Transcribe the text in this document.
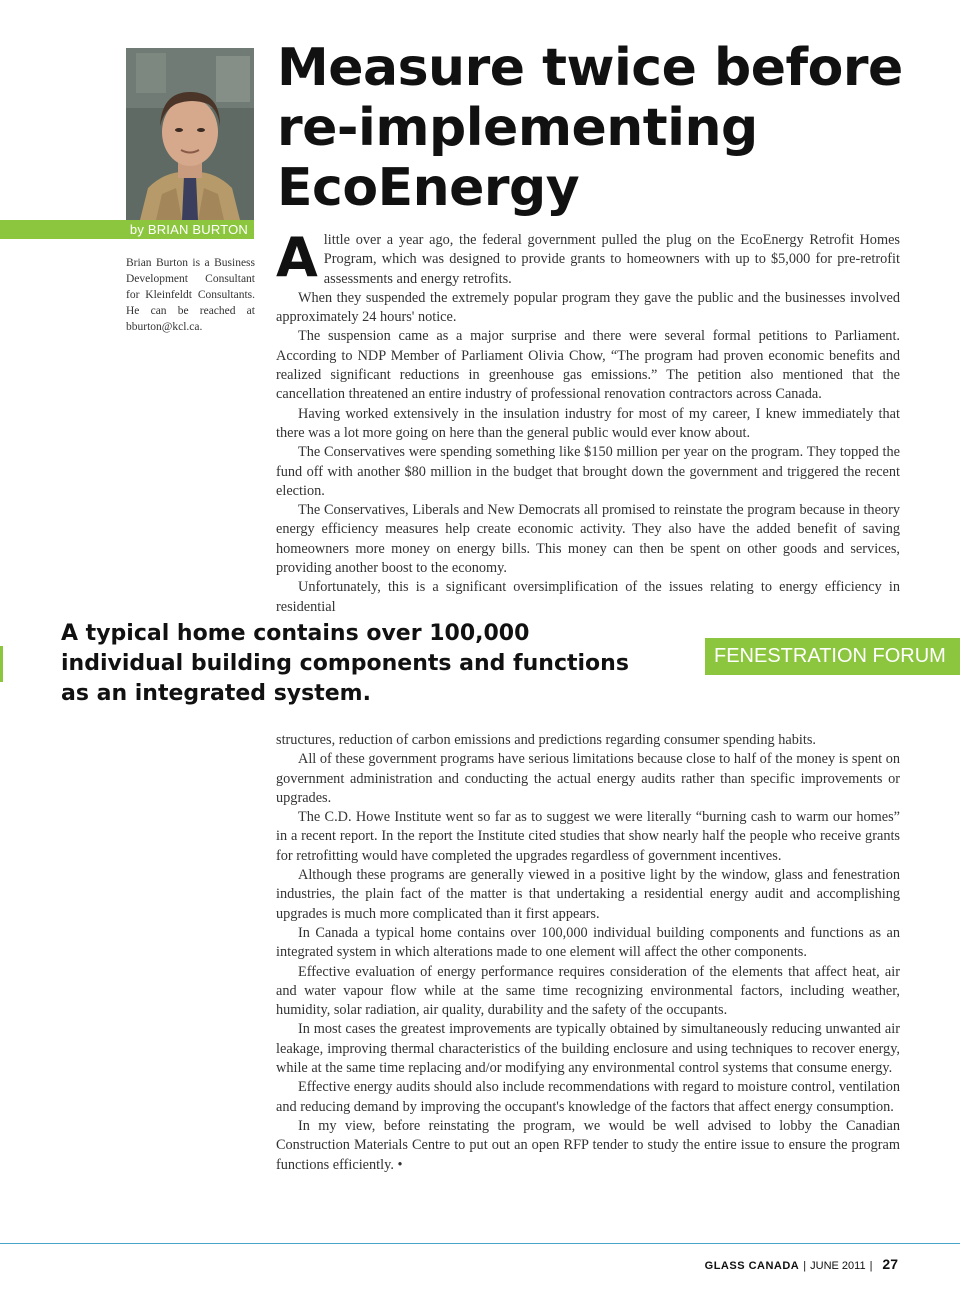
by BRIAN BURTON
Brian Burton is a Business Development Consultant for Kleinfeldt Consultants. He can be reached at bburton@kcl.ca.
Measure twice before
re-implementing
EcoEnergy

Alittle over a year ago, the federal government pulled the plug on the EcoEnergy Retrofit Homes Program, which was designed to provide grants to homeowners with up to $5,000 for pre-retrofit assessments and energy retrofits.

When they suspended the extremely popular program they gave the public and the businesses involved approximately 24 hours' notice.

The suspension came as a major surprise and there were several formal petitions to Parliament. According to NDP Member of Parliament Olivia Chow, “The program had proven economic benefits and realized significant reductions in greenhouse gas emissions.” The petition also mentioned that the cancellation threatened an entire industry of professional renovation contractors across Canada.

Having worked extensively in the insulation industry for most of my career, I knew immediately that there was a lot more going on here than the general public would ever know about.

The Conservatives were spending something like $150 million per year on the program. They topped the fund off with another $80 million in the budget that brought down the government and triggered the recent election.

The Conservatives, Liberals and New Democrats all promised to reinstate the program because in theory energy efficiency measures help create economic activity. They also have the added benefit of saving homeowners more money on energy bills. This money can then be spent on other goods and services, providing another boost to the economy.

Unfortunately, this is a significant oversimplification of the issues relating to energy efficiency in residential

A typical home contains over 100,000 individual building components and functions as an integrated system.

FENESTRATION FORUM

structures, reduction of carbon emissions and predictions regarding consumer spending habits.

All of these government programs have serious limitations because close to half of the money is spent on government administration and conducting the actual energy audits rather than specific improvements or upgrades.

The C.D. Howe Institute went so far as to suggest we were literally “burning cash to warm our homes” in a recent report. In the report the Institute cited studies that show nearly half the people who receive grants for retrofitting would have completed the upgrades regardless of government incentives.

Although these programs are generally viewed in a positive light by the window, glass and fenestration industries, the plain fact of the matter is that undertaking a residential energy audit and accomplishing upgrades is much more complicated than it first appears.

In Canada a typical home contains over 100,000 individual building components and functions as an integrated system in which alterations made to one element will affect the other components.

Effective evaluation of energy performance requires consideration of the elements that affect heat, air and water vapour flow while at the same time recognizing environmental factors, including weather, humidity, solar radiation, air quality, durability and the safety of the occupants.

In most cases the greatest improvements are typically obtained by simultaneously reducing unwanted air leakage, improving thermal characteristics of the building enclosure and using techniques to recover energy, while at the same time replacing and/or modifying any environmental control systems that consume energy.

Effective energy audits should also include recommendations with regard to moisture control, ventilation and reducing demand by improving the occupant's knowledge of the factors that affect energy consumption.

In my view, before reinstating the program, we would be well advised to lobby the Canadian Construction Materials Centre to put out an open RFP tender to study the entire issue to ensure the program functions efficiently. •

GLASS CANADA | JUNE 2011 | 27
